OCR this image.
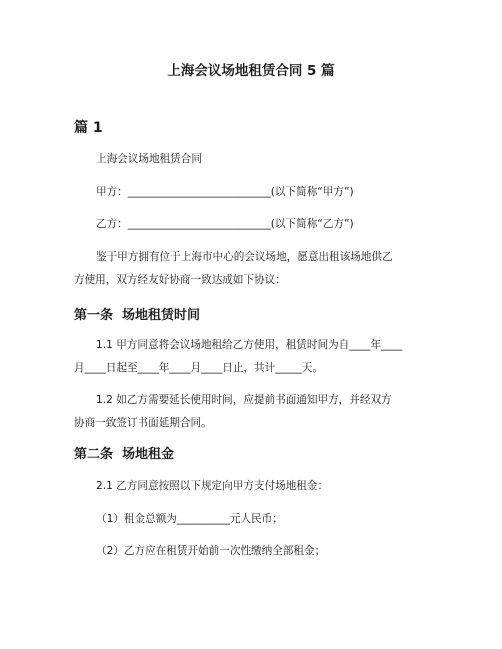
上海会议场地租赁合同 5 篇
篇 1
上海会议场地租赁合同
甲方：___________________________(以下简称“甲方”)
乙方：___________________________(以下简称“乙方”)
鉴于甲方拥有位于上海市中心的会议场地，愿意出租该场地供乙
方使用，双方经友好协商一致达成如下协议：
第一条  场地租赁时间
1.1 甲方同意将会议场地租给乙方使用，租赁时间为自____年____
月____日起至____年____月____日止，共计_____天。
1.2 如乙方需要延长使用时间，应提前书面通知甲方，并经双方
协商一致签订书面延期合同。
第二条  场地租金
2.1 乙方同意按照以下规定向甲方支付场地租金：
（1）租金总额为__________元人民币；
（2）乙方应在租赁开始前一次性缴纳全部租金；
